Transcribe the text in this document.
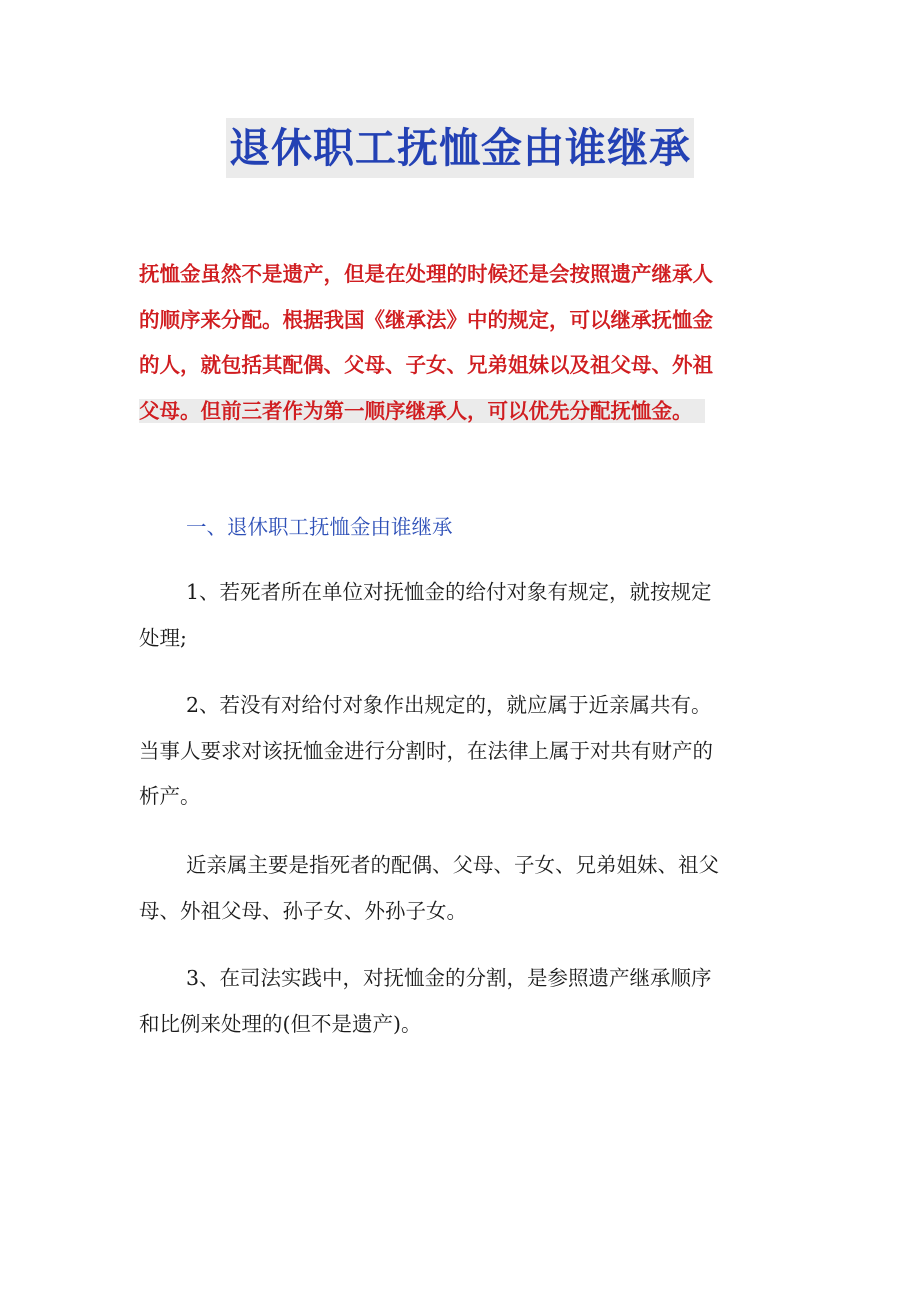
退休职工抚恤金由谁继承

抚恤金虽然不是遗产，但是在处理的时候还是会按照遗产继承人
的顺序来分配。根据我国《继承法》中的规定，可以继承抚恤金
的人，就包括其配偶、父母、子女、兄弟姐妹以及祖父母、外祖
父母。但前三者作为第一顺序继承人，可以优先分配抚恤金。

一、退休职工抚恤金由谁继承

1、若死者所在单位对抚恤金的给付对象有规定，就按规定
处理;

2、若没有对给付对象作出规定的，就应属于近亲属共有。
当事人要求对该抚恤金进行分割时，在法律上属于对共有财产的
析产。

近亲属主要是指死者的配偶、父母、子女、兄弟姐妹、祖父
母、外祖父母、孙子女、外孙子女。

3、在司法实践中，对抚恤金的分割，是参照遗产继承顺序
和比例来处理的(但不是遗产)。
